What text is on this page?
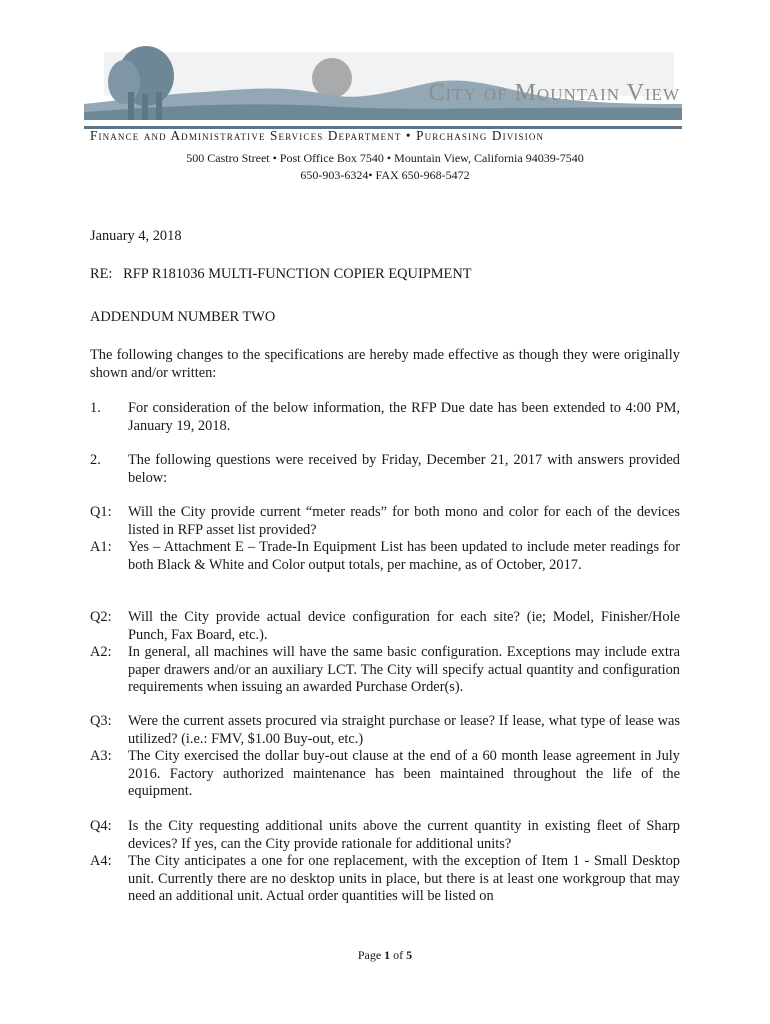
City of Mountain View
Finance and Administrative Services Department • Purchasing Division
500 Castro Street • Post Office Box 7540 • Mountain View, California 94039-7540
650-903-6324• FAX 650-968-5472
January 4, 2018
RE:   RFP R181036 MULTI-FUNCTION COPIER EQUIPMENT
ADDENDUM NUMBER TWO
The following changes to the specifications are hereby made effective as though they were originally shown and/or written:
1. For consideration of the below information, the RFP Due date has been extended to 4:00 PM, January 19, 2018.
2. The following questions were received by Friday, December 21, 2017 with answers provided below:
Q1: Will the City provide current “meter reads” for both mono and color for each of the devices listed in RFP asset list provided?
A1: Yes – Attachment E – Trade-In Equipment List has been updated to include meter readings for both Black & White and Color output totals, per machine, as of October, 2017.
Q2: Will the City provide actual device configuration for each site? (ie; Model, Finisher/Hole Punch, Fax Board, etc.).
A2: In general, all machines will have the same basic configuration. Exceptions may include extra paper drawers and/or an auxiliary LCT. The City will specify actual quantity and configuration requirements when issuing an awarded Purchase Order(s).
Q3: Were the current assets procured via straight purchase or lease? If lease, what type of lease was utilized? (i.e.: FMV, $1.00 Buy-out, etc.)
A3: The City exercised the dollar buy-out clause at the end of a 60 month lease agreement in July 2016. Factory authorized maintenance has been maintained throughout the life of the equipment.
Q4: Is the City requesting additional units above the current quantity in existing fleet of Sharp devices? If yes, can the City provide rationale for additional units?
A4: The City anticipates a one for one replacement, with the exception of Item 1 - Small Desktop unit. Currently there are no desktop units in place, but there is at least one workgroup that may need an additional unit. Actual order quantities will be listed on
Page 1 of 5
